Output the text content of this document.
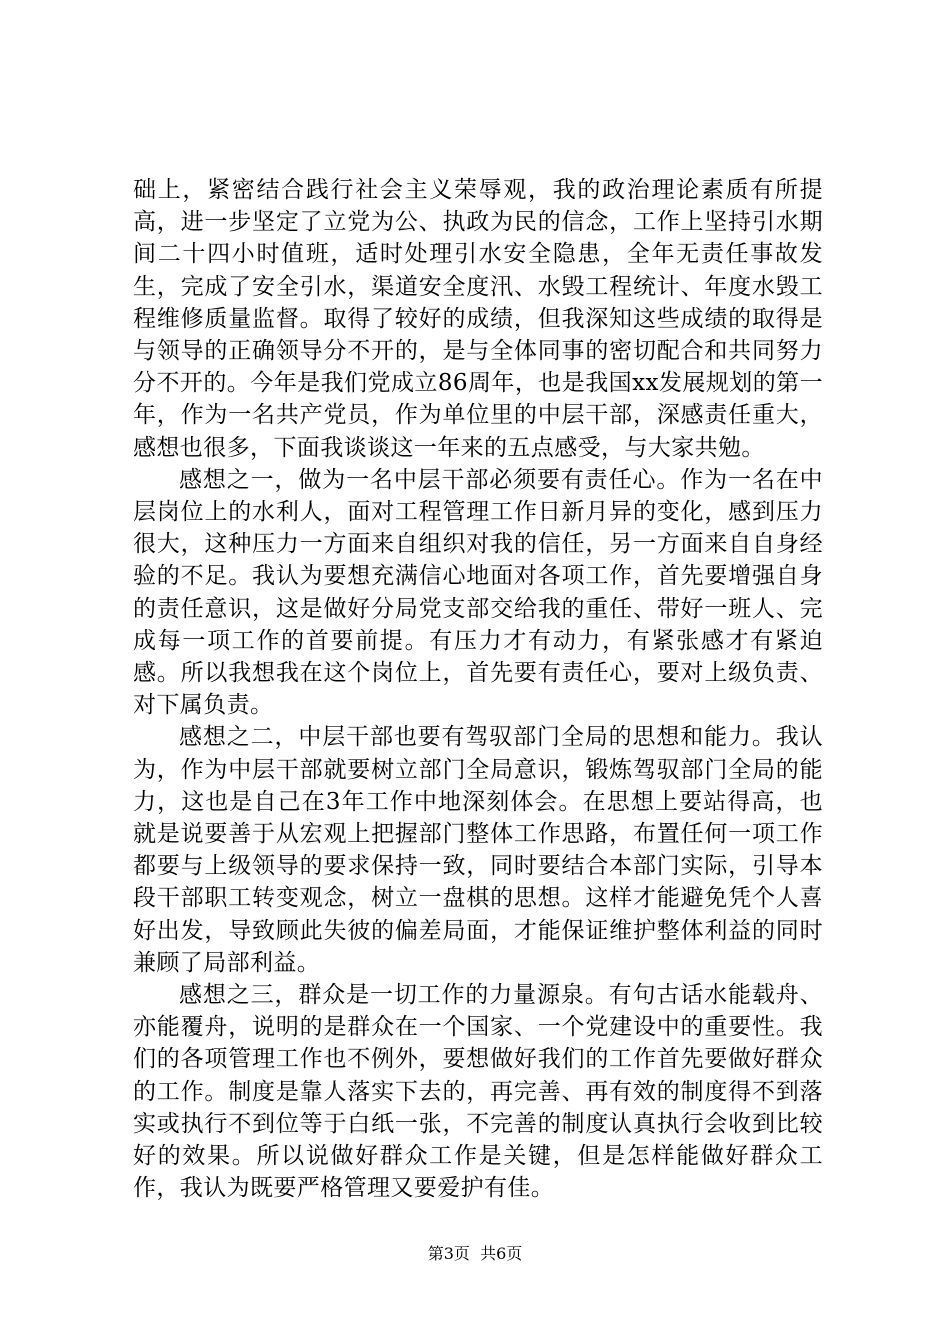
础上，紧密结合践行社会主义荣辱观，我的政治理论素质有所提高，进一步坚定了立党为公、执政为民的信念，工作上坚持引水期间二十四小时值班，适时处理引水安全隐患，全年无责任事故发生，完成了安全引水，渠道安全度汛、水毁工程统计、年度水毁工程维修质量监督。取得了较好的成绩，但我深知这些成绩的取得是与领导的正确领导分不开的，是与全体同事的密切配合和共同努力分不开的。今年是我们党成立86周年，也是我国xx发展规划的第一年，作为一名共产党员，作为单位里的中层干部，深感责任重大，感想也很多，下面我谈谈这一年来的五点感受，与大家共勉。

感想之一，做为一名中层干部必须要有责任心。作为一名在中层岗位上的水利人，面对工程管理工作日新月异的变化，感到压力很大，这种压力一方面来自组织对我的信任，另一方面来自自身经验的不足。我认为要想充满信心地面对各项工作，首先要增强自身的责任意识，这是做好分局党支部交给我的重任、带好一班人、完成每一项工作的首要前提。有压力才有动力，有紧张感才有紧迫感。所以我想我在这个岗位上，首先要有责任心，要对上级负责、对下属负责。

感想之二，中层干部也要有驾驭部门全局的思想和能力。我认为，作为中层干部就要树立部门全局意识，锻炼驾驭部门全局的能力，这也是自己在3年工作中地深刻体会。在思想上要站得高，也就是说要善于从宏观上把握部门整体工作思路，布置任何一项工作都要与上级领导的要求保持一致，同时要结合本部门实际，引导本段干部职工转变观念，树立一盘棋的思想。这样才能避免凭个人喜好出发，导致顾此失彼的偏差局面，才能保证维护整体利益的同时兼顾了局部利益。

感想之三，群众是一切工作的力量源泉。有句古话水能载舟、亦能覆舟，说明的是群众在一个国家、一个党建设中的重要性。我们的各项管理工作也不例外，要想做好我们的工作首先要做好群众的工作。制度是靠人落实下去的，再完善、再有效的制度得不到落实或执行不到位等于白纸一张，不完善的制度认真执行会收到比较好的效果。所以说做好群众工作是关键，但是怎样能做好群众工作，我认为既要严格管理又要爱护有佳。

第3页  共6页
